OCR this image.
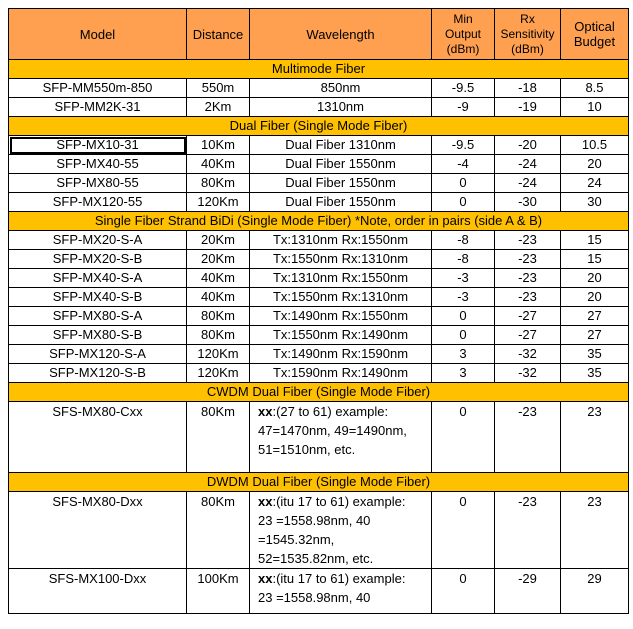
Model	Distance	Wavelength	Min Output (dBm)	Rx Sensitivity (dBm)	Optical Budget
Multimode Fiber					
SFP-MM550m-850	550m	850nm	-9.5	-18	8.5
SFP-MM2K-31	2Km	1310nm	-9	-19	10
Dual Fiber (Single Mode Fiber)					
SFP-MX10-31	10Km	Dual Fiber 1310nm	-9.5	-20	10.5
SFP-MX40-55	40Km	Dual Fiber 1550nm	-4	-24	20
SFP-MX80-55	80Km	Dual Fiber 1550nm	0	-24	24
SFP-MX120-55	120Km	Dual Fiber 1550nm	0	-30	30
Single Fiber Strand BiDi (Single Mode Fiber) *Note, order in pairs (side A & B)					
SFP-MX20-S-A	20Km	Tx:1310nm Rx:1550nm	-8	-23	15
SFP-MX20-S-B	20Km	Tx:1550nm Rx:1310nm	-8	-23	15
SFP-MX40-S-A	40Km	Tx:1310nm Rx:1550nm	-3	-23	20
SFP-MX40-S-B	40Km	Tx:1550nm Rx:1310nm	-3	-23	20
SFP-MX80-S-A	80Km	Tx:1490nm Rx:1550nm	0	-27	27
SFP-MX80-S-B	80Km	Tx:1550nm Rx:1490nm	0	-27	27
SFP-MX120-S-A	120Km	Tx:1490nm Rx:1590nm	3	-32	35
SFP-MX120-S-B	120Km	Tx:1590nm Rx:1490nm	3	-32	35
CWDM Dual Fiber (Single Mode Fiber)					
SFS-MX80-Cxx	80Km	xx:(27 to 61) example:
47=1470nm, 49=1490nm,
51=1510nm, etc.	0	-23	23
DWDM Dual Fiber (Single Mode Fiber)					
SFS-MX80-Dxx	80Km	xx:(itu 17 to 61) example:
23 =1558.98nm, 40
=1545.32nm,
52=1535.82nm, etc.	0	-23	23
SFS-MX100-Dxx	100Km	xx:(itu 17 to 61) example:
23 =1558.98nm, 40	0	-29	29
